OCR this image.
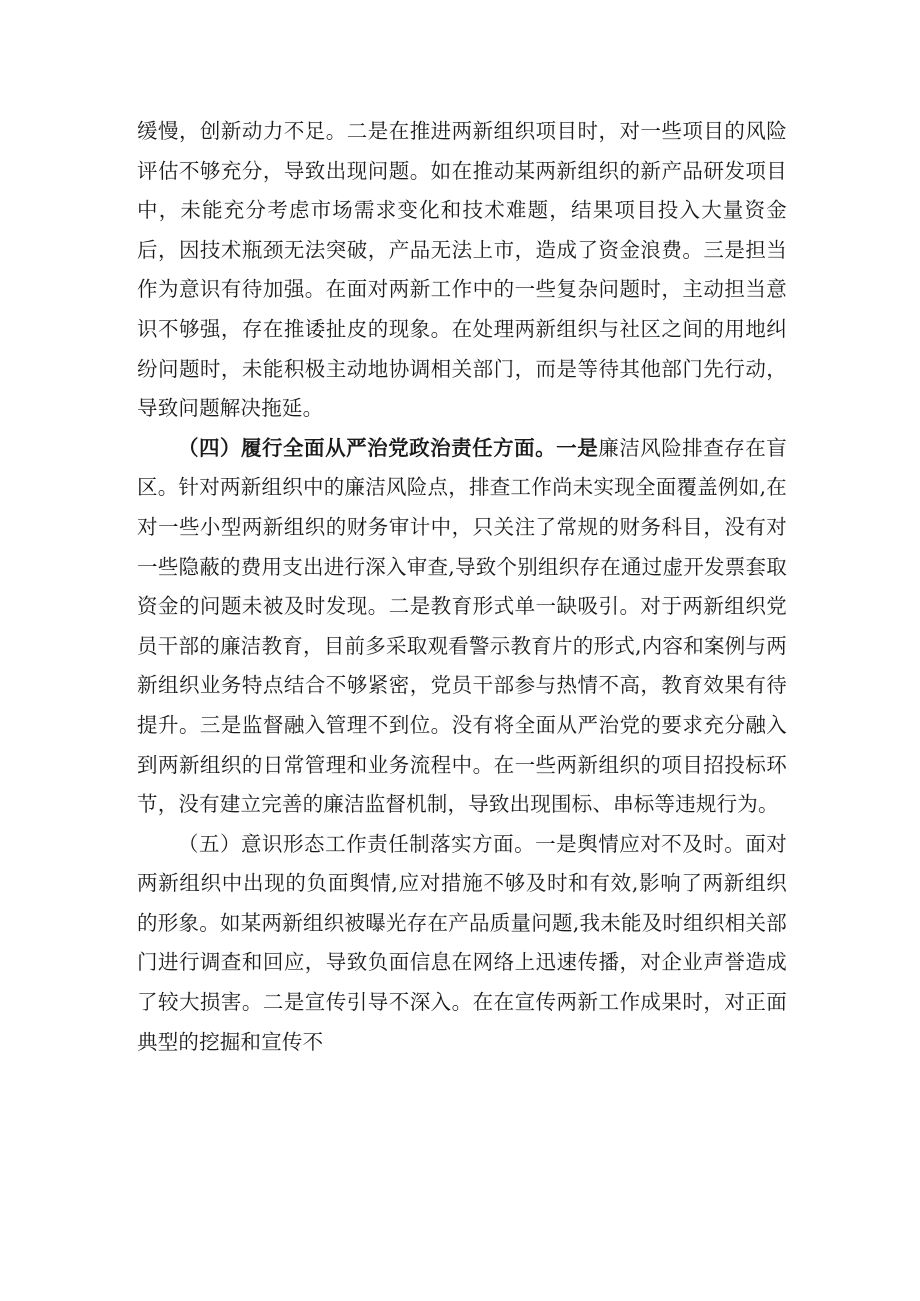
缓慢，创新动力不足。二是在推进两新组织项目时，对一些项目的风险评估不够充分，导致出现问题。如在推动某两新组织的新产品研发项目中，未能充分考虑市场需求变化和技术难题，结果项目投入大量资金后，因技术瓶颈无法突破，产品无法上市，造成了资金浪费。三是担当作为意识有待加强。在面对两新工作中的一些复杂问题时，主动担当意识不够强，存在推诿扯皮的现象。在处理两新组织与社区之间的用地纠纷问题时，未能积极主动地协调相关部门，而是等待其他部门先行动，导致问题解决拖延。

（四）履行全面从严治党政治责任方面。一是廉洁风险排查存在盲区。针对两新组织中的廉洁风险点，排查工作尚未实现全面覆盖例如,在对一些小型两新组织的财务审计中，只关注了常规的财务科目，没有对一些隐蔽的费用支出进行深入审查,导致个别组织存在通过虚开发票套取资金的问题未被及时发现。二是教育形式单一缺吸引。对于两新组织党员干部的廉洁教育，目前多采取观看警示教育片的形式,内容和案例与两新组织业务特点结合不够紧密，党员干部参与热情不高，教育效果有待提升。三是监督融入管理不到位。没有将全面从严治党的要求充分融入到两新组织的日常管理和业务流程中。在一些两新组织的项目招投标环节，没有建立完善的廉洁监督机制，导致出现围标、串标等违规行为。

（五）意识形态工作责任制落实方面。一是舆情应对不及时。面对两新组织中出现的负面舆情,应对措施不够及时和有效,影响了两新组织的形象。如某两新组织被曝光存在产品质量问题,我未能及时组织相关部门进行调查和回应，导致负面信息在网络上迅速传播，对企业声誉造成了较大损害。二是宣传引导不深入。在在宣传两新工作成果时，对正面典型的挖掘和宣传不
